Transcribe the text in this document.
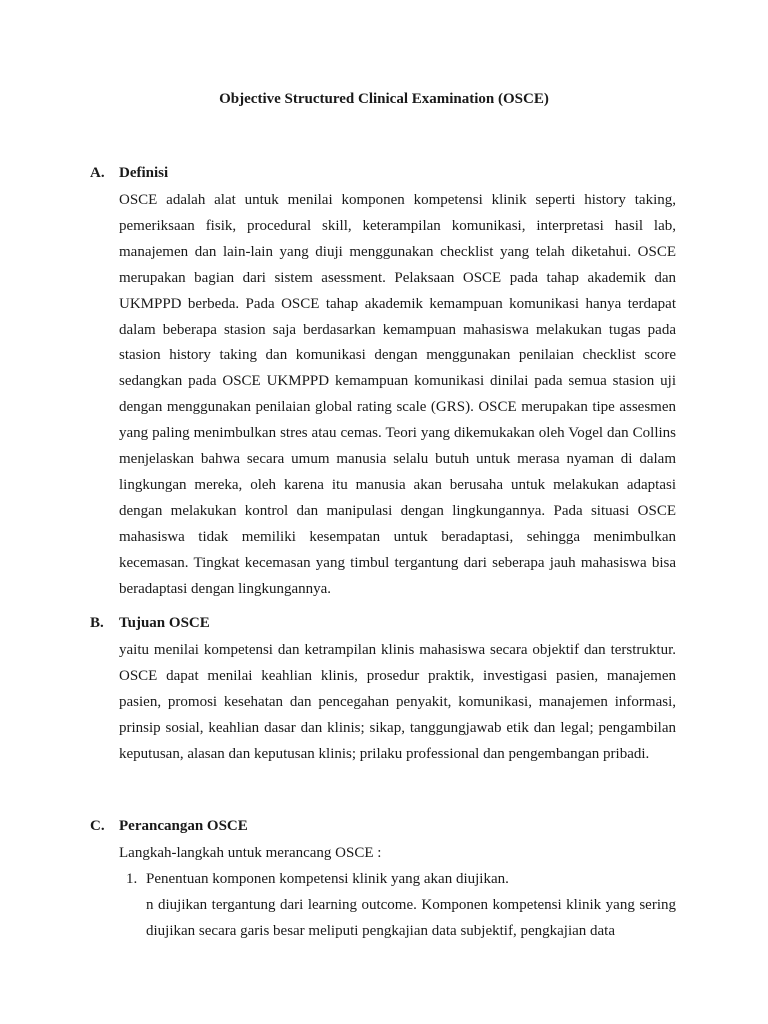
Objective Structured Clinical Examination (OSCE)
A. Definisi

OSCE adalah alat untuk menilai komponen kompetensi klinik seperti history taking, pemeriksaan fisik, procedural skill, keterampilan komunikasi, interpretasi hasil lab, manajemen dan lain-lain yang diuji menggunakan checklist yang telah diketahui. OSCE merupakan bagian dari sistem asessment. Pelaksaan OSCE pada tahap akademik dan UKMPPD berbeda. Pada OSCE tahap akademik kemampuan komunikasi hanya terdapat dalam beberapa stasion saja berdasarkan kemampuan mahasiswa melakukan tugas pada stasion history taking dan komunikasi dengan menggunakan penilaian checklist score sedangkan pada OSCE UKMPPD kemampuan komunikasi dinilai pada semua stasion uji dengan menggunakan penilaian global rating scale (GRS). OSCE merupakan tipe assesmen yang paling menimbulkan stres atau cemas. Teori yang dikemukakan oleh Vogel dan Collins menjelaskan bahwa secara umum manusia selalu butuh untuk merasa nyaman di dalam lingkungan mereka, oleh karena itu manusia akan berusaha untuk melakukan adaptasi dengan melakukan kontrol dan manipulasi dengan lingkungannya. Pada situasi OSCE mahasiswa tidak memiliki kesempatan untuk beradaptasi, sehingga menimbulkan kecemasan. Tingkat kecemasan yang timbul tergantung dari seberapa jauh mahasiswa bisa beradaptasi dengan lingkungannya.

B. Tujuan OSCE

yaitu menilai kompetensi dan ketrampilan klinis mahasiswa secara objektif dan terstruktur. OSCE dapat menilai keahlian klinis, prosedur praktik, investigasi pasien, manajemen pasien, promosi kesehatan dan pencegahan penyakit, komunikasi, manajemen informasi, prinsip sosial, keahlian dasar dan klinis; sikap, tanggungjawab etik dan legal; pengambilan keputusan, alasan dan keputusan klinis; prilaku professional dan pengembangan pribadi.

C. Perancangan OSCE

Langkah-langkah untuk merancang OSCE :

1. Penentuan komponen kompetensi klinik yang akan diujikan.

n diujikan tergantung dari learning outcome. Komponen kompetensi klinik yang sering diujikan secara garis besar meliputi pengkajian data subjektif, pengkajian data
